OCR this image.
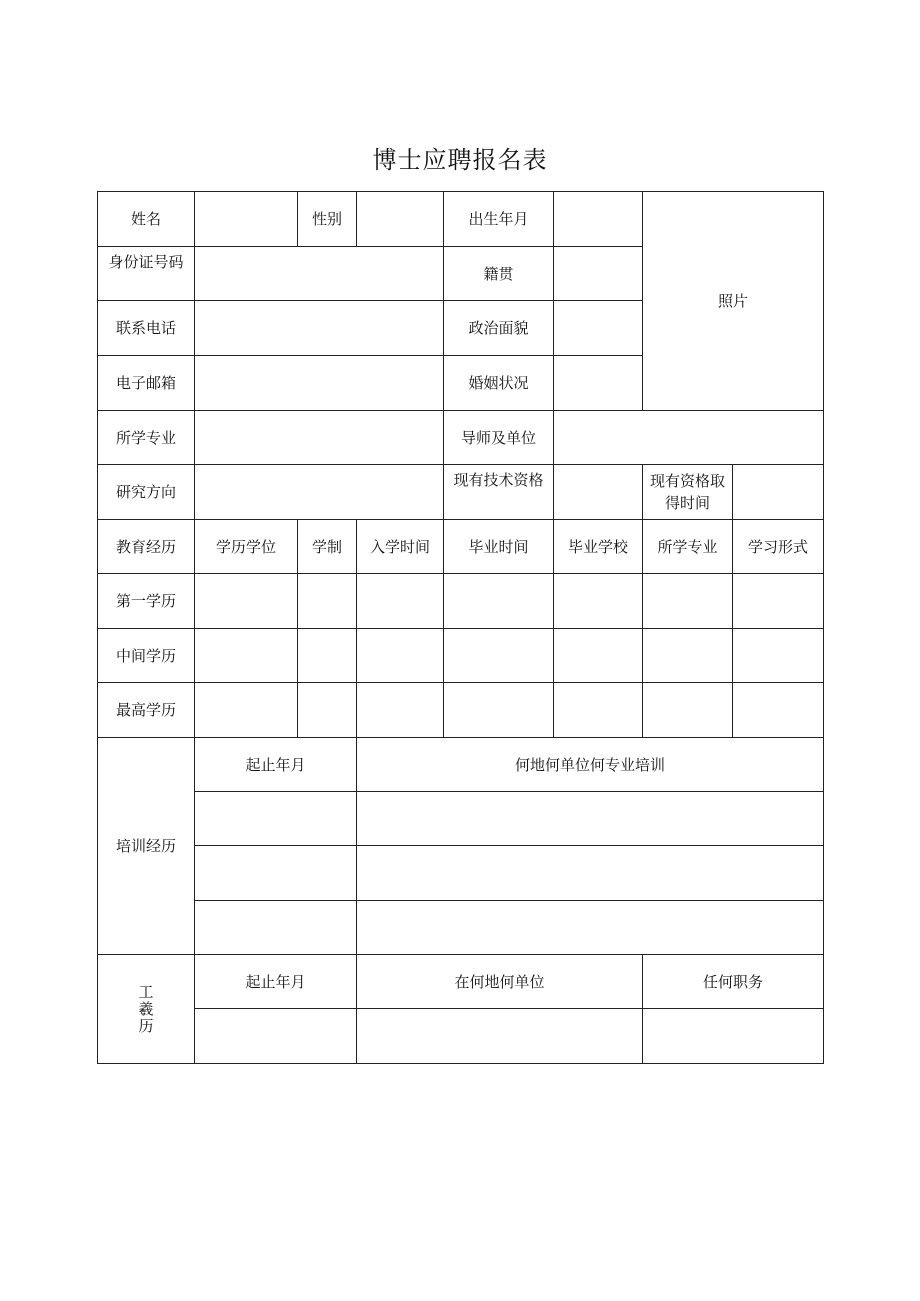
博士应聘报名表
姓名		性别		出生年月		照片	
身份证号码				籍贯			
联系电话				政治面貌			
电子邮箱				婚姻状况			
所学专业				导师及单位			
研究方向				现有技术资格		现有资格取
得时间	

教育经历	学历学位	学制	入学时间	毕业时间	毕业学校	所学专业	学习形式
第一学历							
中间学历							
最高学历							
培训经历	起止年月		何地何单位何专业培训				

工
羲
历	起止年月		在何地何单位			任何职务	
